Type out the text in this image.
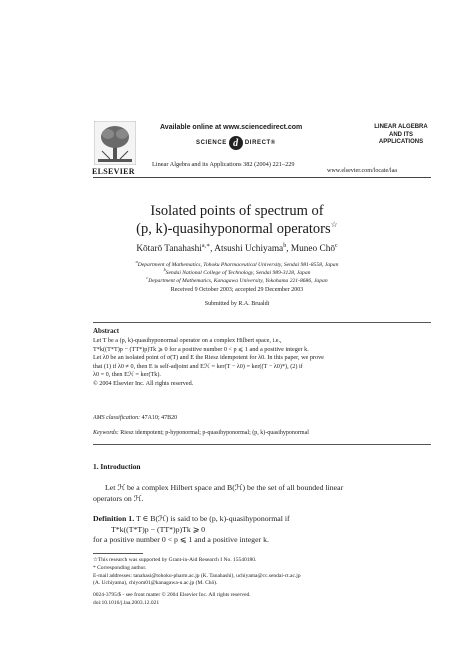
ELSEVIER
Available online at www.sciencedirect.com
SCIENCE d	DIRECT®
Linear Algebra and its Applications 382 (2004) 221–229
LINEAR ALGEBRA
AND ITS
APPLICATIONS
www.elsevier.com/locate/laa
Isolated points of spectrum of
(p, k)-quasihyponormal operators☆
Kōtarō Tanahashi$^{a,∗}$, Atsushi Uchiyama$^b$, Muneo Chō$^c$
$^a$Department of Mathematics, Tohoku Pharmaceutical University, Sendai 981-8558, Japan
$^b$Sendai National College of Technology, Sendai 989-3128, Japan
$^c$Department of Mathematics, Kanagawa University, Yokohama 221-8686, Japan
Received 9 October 2003; accepted 29 December 2003
Submitted by R.A. Brualdi
Abstract
Let T be a (p, k)-quasihyponormal operator on a complex Hilbert space, i.e.,
T*k((T*T)p − (TT*)p)Tk ⩾ 0 for a positive number 0 < p ⩽ 1 and a positive integer k.
Let λ0 be an isolated point of σ(T) and E the Riesz idempotent for λ0. In this paper, we prove
that (1) if λ0 ≠ 0, then E is self-adjoint and Eℋ = ker(T − λ0) = ker((T − λ0)*), (2) if
λ0 = 0, then Eℋ = ker(Tk).
© 2004 Elsevier Inc. All rights reserved.
AMS classification: 47A10; 47B20
Keywords: Riesz idempotent; p-hyponormal; p-quasihyponormal; (p, k)-quasihyponormal
1. Introduction
Let ℋ be a complex Hilbert space and B(ℋ) be the set of all bounded linear
operators on ℋ.
Definition 1. T ∈ B(ℋ) is said to be (p, k)-quasihyponormal if
T*k((T*T)p − (TT*)p)Tk ⩾ 0
for a positive number 0 < p ⩽ 1 and a positive integer k.
☆This research was supported by Grant-in-Aid Research I No. 15540180.
* Corresponding author.
E-mail addresses: tanahasi@tohoku-pharm.ac.jp (K. Tanahashi), uchiyama@cc.sendai-ct.ac.jp
(A. Uchiyama), chiyom01@kanagawa-u.ac.jp (M. Chō).
0024-3795/$ - see front matter © 2004 Elsevier Inc. All rights reserved.
doi:10.1016/j.laa.2003.12.021
